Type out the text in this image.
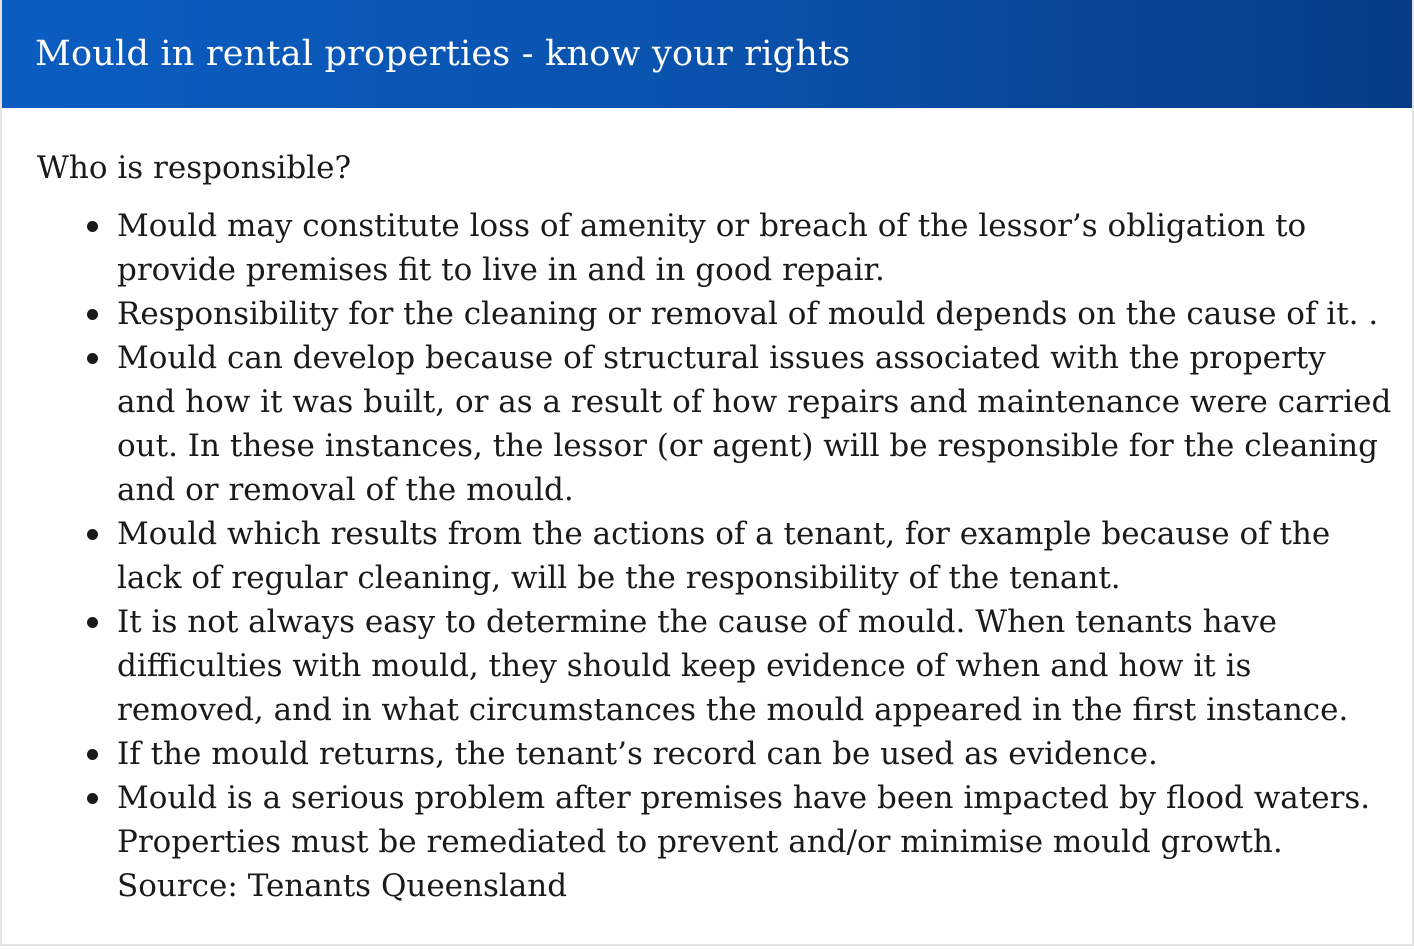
Mould in rental properties - know your rights

Who is responsible?

Mould may constitute loss of amenity or breach of the lessor’s obligation to provide premises fit to live in and in good repair.
Responsibility for the cleaning or removal of mould depends on the cause of it. .
Mould can develop because of structural issues associated with the property and how it was built, or as a result of how repairs and maintenance were carried out. In these instances, the lessor (or agent) will be responsible for the cleaning and or removal of the mould.
Mould which results from the actions of a tenant, for example because of the lack of regular cleaning, will be the responsibility of the tenant.
It is not always easy to determine the cause of mould. When tenants have difficulties with mould, they should keep evidence of when and how it is removed, and in what circumstances the mould appeared in the first instance.
If the mould returns, the tenant’s record can be used as evidence.
Mould is a serious problem after premises have been impacted by flood waters. Properties must be remediated to prevent and/or minimise mould growth.
Source: Tenants Queensland
